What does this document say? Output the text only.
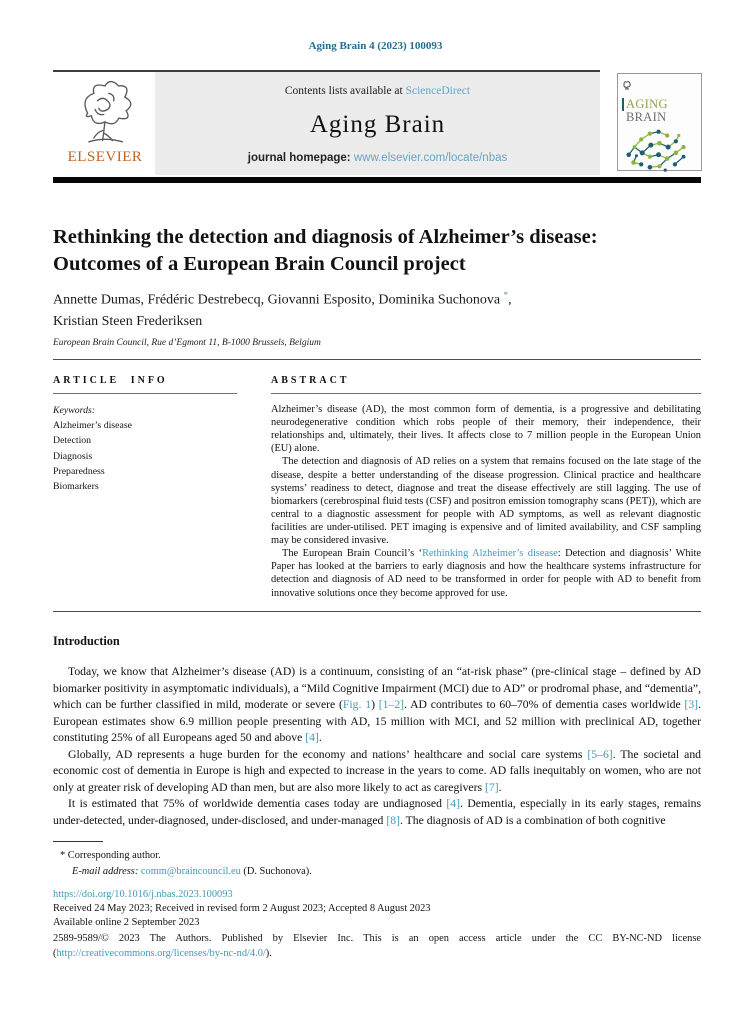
Aging Brain 4 (2023) 100093
ELSEVIER
Contents lists available at ScienceDirect
Aging Brain
journal homepage: www.elsevier.com/locate/nbas
AGING
BRAIN
Rethinking the detection and diagnosis of Alzheimer’s disease:
Outcomes of a European Brain Council project
Annette Dumas, Frédéric Destrebecq, Giovanni Esposito, Dominika Suchonova *,
Kristian Steen Frederiksen
European Brain Council, Rue d’Egmont 11, B-1000 Brussels, Belgium
ARTICLE INFO
Keywords:
Alzheimer’s disease
Detection
Diagnosis
Preparedness
Biomarkers
ABSTRACT

Alzheimer’s disease (AD), the most common form of dementia, is a progressive and debilitating neurodegenerative condition which robs people of their memory, their independence, their relationships and, ultimately, their lives. It affects close to 7 million people in the European Union (EU) alone.

The detection and diagnosis of AD relies on a system that remains focused on the late stage of the disease, despite a better understanding of the disease progression. Clinical practice and healthcare systems’ readiness to detect, diagnose and treat the disease effectively are still lagging. The use of biomarkers (cerebrospinal fluid tests (CSF) and positron emission tomography scans (PET)), which are central to a diagnostic assessment for people with AD symptoms, as well as relevant diagnostic facilities are under-utilised. PET imaging is expensive and of limited availability, and CSF sampling may be considered invasive.

The European Brain Council’s ‘Rethinking Alzheimer’s disease: Detection and diagnosis’ White Paper has looked at the barriers to early diagnosis and how the healthcare systems infrastructure for detection and diagnosis of AD need to be transformed in order for people with AD to benefit from innovative solutions once they become approved for use.

Introduction

Today, we know that Alzheimer’s disease (AD) is a continuum, consisting of an “at-risk phase” (pre-clinical stage – defined by AD biomarker positivity in asymptomatic individuals), a “Mild Cognitive Impairment (MCI) due to AD” or prodromal phase, and “dementia”, which can be further classified in mild, moderate or severe (Fig. 1) [1–2]. AD contributes to 60–70% of dementia cases worldwide [3]. European estimates show 6.9 million people presenting with AD, 15 million with MCI, and 52 million with preclinical AD, together constituting 25% of all Europeans aged 50 and above [4].

Globally, AD represents a huge burden for the economy and nations’ healthcare and social care systems [5–6]. The societal and economic cost of dementia in Europe is high and expected to increase in the years to come. AD falls inequitably on women, who are not only at greater risk of developing AD than men, but are also more likely to act as caregivers [7].

It is estimated that 75% of worldwide dementia cases today are undiagnosed [4]. Dementia, especially in its early stages, remains under-detected, under-diagnosed, under-disclosed, and under-managed [8]. The diagnosis of AD is a combination of both cognitive

* Corresponding author.
E-mail address: comm@braincouncil.eu (D. Suchonova).
https://doi.org/10.1016/j.nbas.2023.100093
Received 24 May 2023; Received in revised form 2 August 2023; Accepted 8 August 2023
Available online 2 September 2023

2589-9589/© 2023 The Authors. Published by Elsevier Inc. This is an open access article under the CC BY-NC-ND license (http://creativecommons.org/licenses/by-nc-nd/4.0/).
